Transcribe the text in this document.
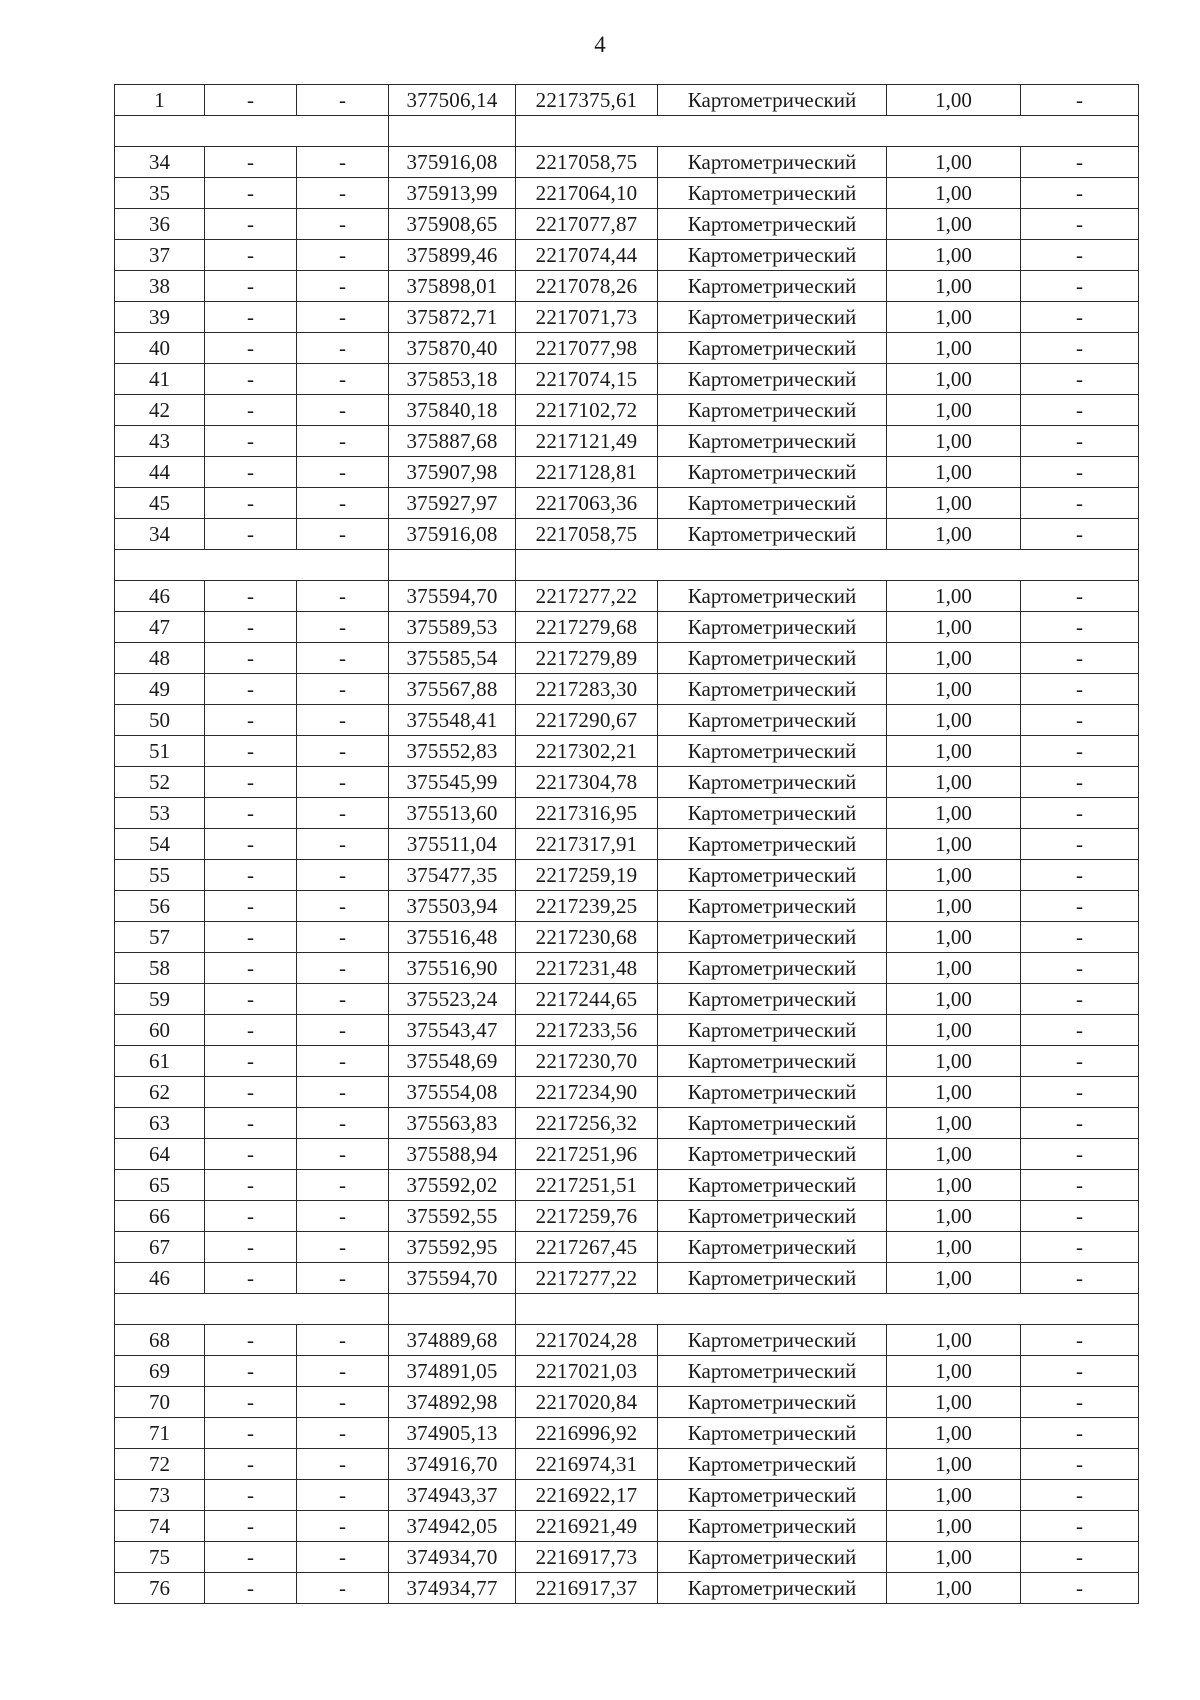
4
1	-	-	377506,14	2217375,61	Картометрический	1,00	-

34	-	-	375916,08	2217058,75	Картометрический	1,00	-
35	-	-	375913,99	2217064,10	Картометрический	1,00	-
36	-	-	375908,65	2217077,87	Картометрический	1,00	-
37	-	-	375899,46	2217074,44	Картометрический	1,00	-
38	-	-	375898,01	2217078,26	Картометрический	1,00	-
39	-	-	375872,71	2217071,73	Картометрический	1,00	-
40	-	-	375870,40	2217077,98	Картометрический	1,00	-
41	-	-	375853,18	2217074,15	Картометрический	1,00	-
42	-	-	375840,18	2217102,72	Картометрический	1,00	-
43	-	-	375887,68	2217121,49	Картометрический	1,00	-
44	-	-	375907,98	2217128,81	Картометрический	1,00	-
45	-	-	375927,97	2217063,36	Картометрический	1,00	-
34	-	-	375916,08	2217058,75	Картометрический	1,00	-

46	-	-	375594,70	2217277,22	Картометрический	1,00	-
47	-	-	375589,53	2217279,68	Картометрический	1,00	-
48	-	-	375585,54	2217279,89	Картометрический	1,00	-
49	-	-	375567,88	2217283,30	Картометрический	1,00	-
50	-	-	375548,41	2217290,67	Картометрический	1,00	-
51	-	-	375552,83	2217302,21	Картометрический	1,00	-
52	-	-	375545,99	2217304,78	Картометрический	1,00	-
53	-	-	375513,60	2217316,95	Картометрический	1,00	-
54	-	-	375511,04	2217317,91	Картометрический	1,00	-
55	-	-	375477,35	2217259,19	Картометрический	1,00	-
56	-	-	375503,94	2217239,25	Картометрический	1,00	-
57	-	-	375516,48	2217230,68	Картометрический	1,00	-
58	-	-	375516,90	2217231,48	Картометрический	1,00	-
59	-	-	375523,24	2217244,65	Картометрический	1,00	-
60	-	-	375543,47	2217233,56	Картометрический	1,00	-
61	-	-	375548,69	2217230,70	Картометрический	1,00	-
62	-	-	375554,08	2217234,90	Картометрический	1,00	-
63	-	-	375563,83	2217256,32	Картометрический	1,00	-
64	-	-	375588,94	2217251,96	Картометрический	1,00	-
65	-	-	375592,02	2217251,51	Картометрический	1,00	-
66	-	-	375592,55	2217259,76	Картометрический	1,00	-
67	-	-	375592,95	2217267,45	Картометрический	1,00	-
46	-	-	375594,70	2217277,22	Картометрический	1,00	-

68	-	-	374889,68	2217024,28	Картометрический	1,00	-
69	-	-	374891,05	2217021,03	Картометрический	1,00	-
70	-	-	374892,98	2217020,84	Картометрический	1,00	-
71	-	-	374905,13	2216996,92	Картометрический	1,00	-
72	-	-	374916,70	2216974,31	Картометрический	1,00	-
73	-	-	374943,37	2216922,17	Картометрический	1,00	-
74	-	-	374942,05	2216921,49	Картометрический	1,00	-
75	-	-	374934,70	2216917,73	Картометрический	1,00	-
76	-	-	374934,77	2216917,37	Картометрический	1,00	-
